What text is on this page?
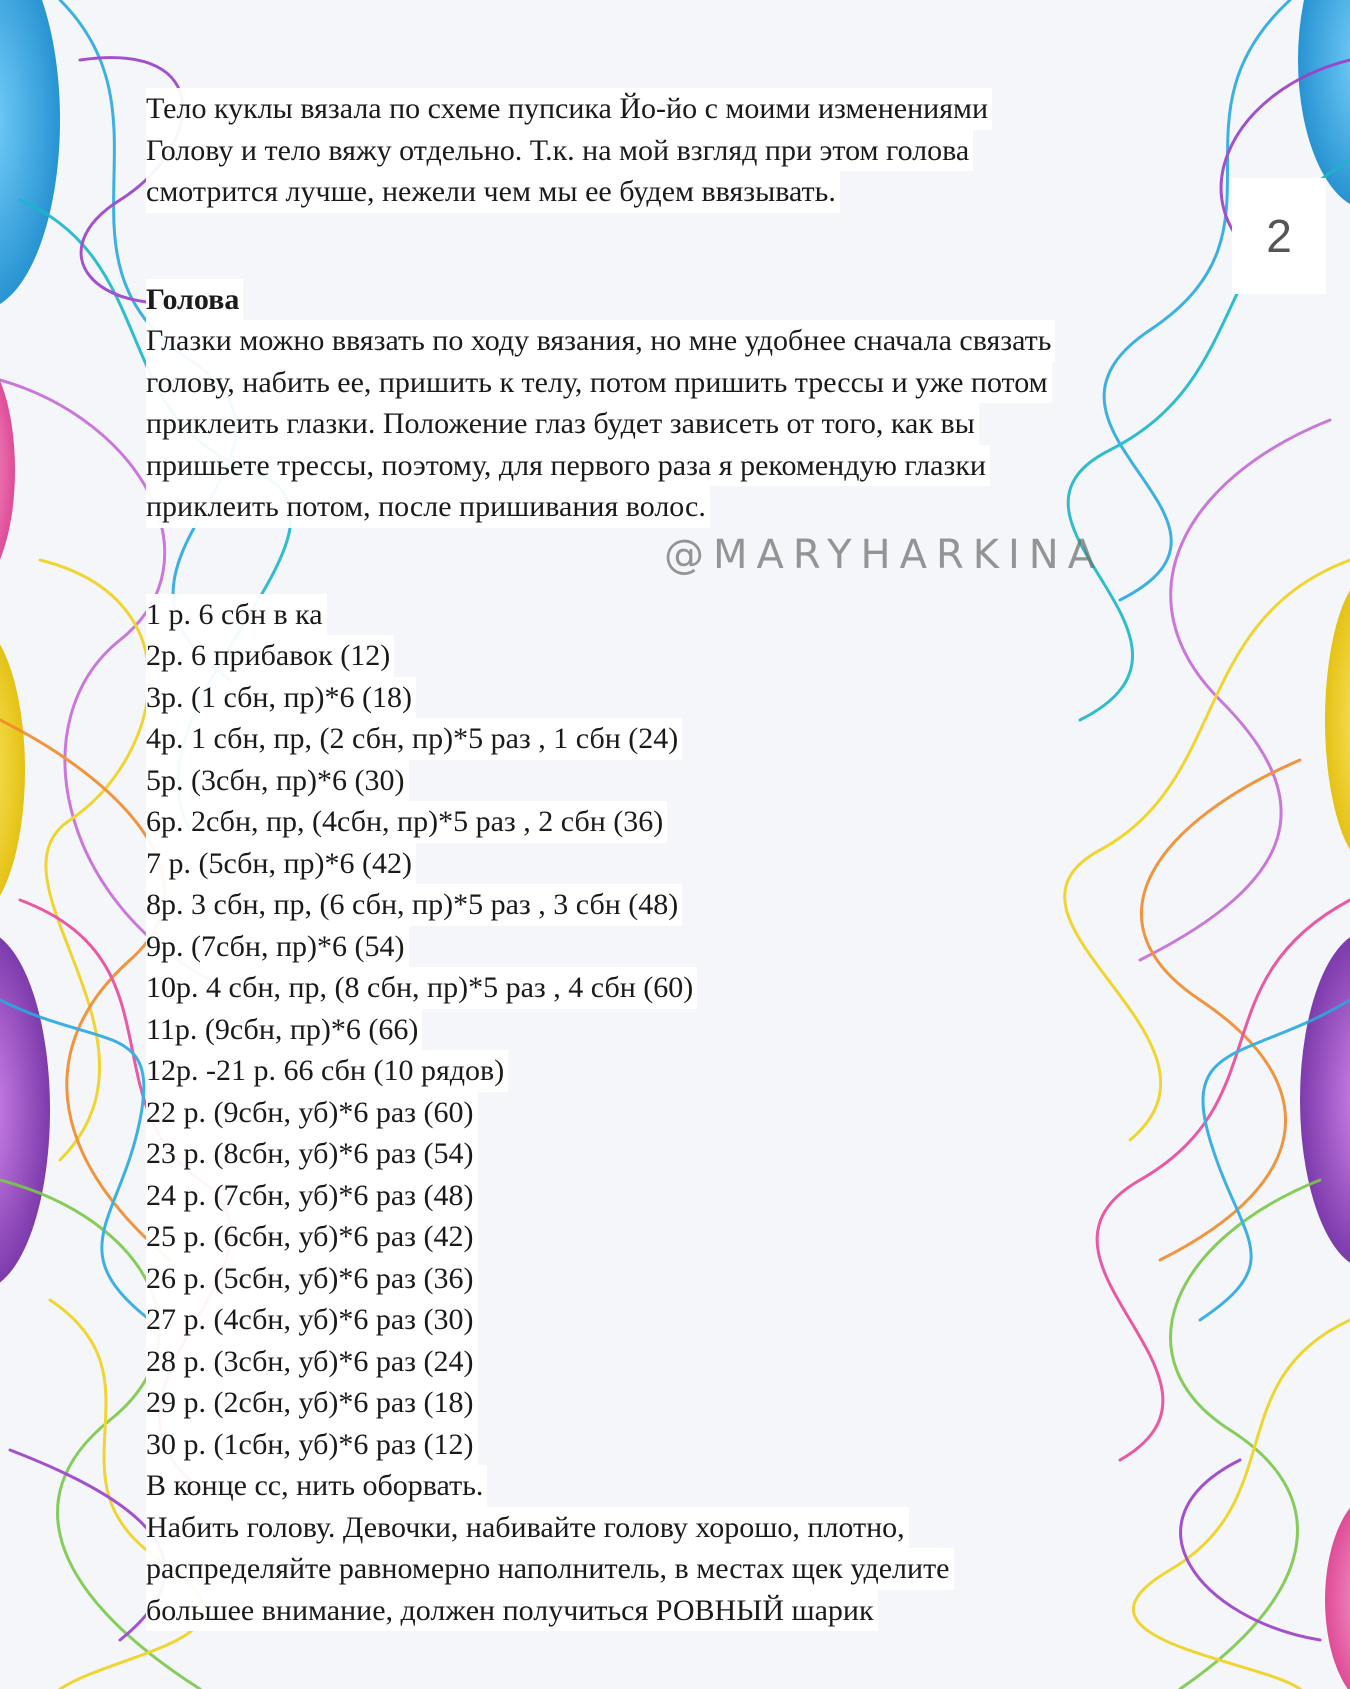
2
@MARYHARKINA
Тело куклы вязала по схеме пупсика Йо-йо с моими изменениями
Голову и тело вяжу отдельно. Т.к. на мой взгляд при этом голова
смотрится лучше, нежели чем мы ее будем ввязывать.
Голова
Глазки можно ввязать по ходу вязания, но мне удобнее сначала связать
голову, набить ее, пришить к телу, потом пришить трессы и уже потом
приклеить глазки. Положение глаз будет зависеть от того, как вы
пришьете трессы, поэтому, для первого раза я рекомендую глазки
приклеить потом, после пришивания волос.
1 р. 6 сбн в ка
2р. 6 прибавок (12)
3р. (1 сбн, пр)*6 (18)
4р. 1 сбн, пр, (2 сбн, пр)*5 раз , 1 сбн (24)
5р. (3сбн, пр)*6 (30)
6р. 2сбн, пр, (4сбн, пр)*5 раз , 2 сбн (36)
7 р. (5сбн, пр)*6 (42)
8р. 3 сбн, пр, (6 сбн, пр)*5 раз , 3 сбн (48)
9р. (7сбн, пр)*6 (54)
10р. 4 сбн, пр, (8 сбн, пр)*5 раз , 4 сбн (60)
11р. (9сбн, пр)*6 (66)
12р. -21 р. 66 сбн (10 рядов)
22 р. (9сбн, уб)*6 раз (60)
23 р. (8сбн, уб)*6 раз (54)
24 р. (7сбн, уб)*6 раз (48)
25 р. (6сбн, уб)*6 раз (42)
26 р. (5сбн, уб)*6 раз (36)
27 р. (4сбн, уб)*6 раз (30)
28 р. (3сбн, уб)*6 раз (24)
29 р. (2сбн, уб)*6 раз (18)
30 р. (1сбн, уб)*6 раз (12)
В конце сс, нить оборвать.
Набить голову. Девочки, набивайте голову хорошо, плотно,
распределяйте равномерно наполнитель, в местах щек уделите
большее внимание, должен получиться РОВНЫЙ шарик
